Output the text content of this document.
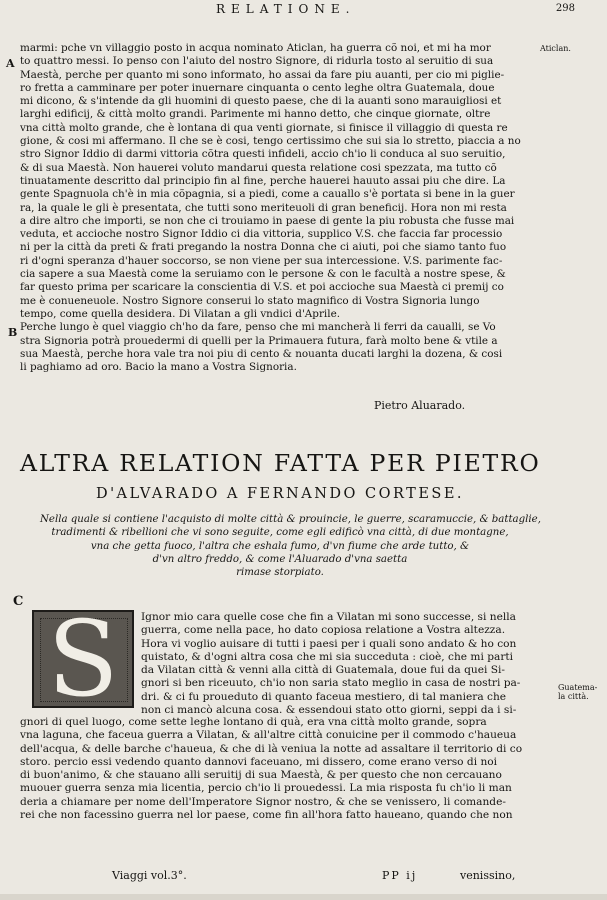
RELATIONE.	298
A
Aticlan.
marmi: pche vn villaggio posto in acqua nominato Aticlan, ha guerra cõ noi, et mi ha mor
to quattro messi. Io penso con l'aiuto del nostro Signore, di ridurla tosto al seruitio di sua
Maestà, perche per quanto mi sono informato, ho assai da fare piu auanti, per cio mi piglie-
ro fretta a camminare per poter inuernare cinquanta o cento leghe oltra Guatemala, doue
mi dicono, & s'intende da gli huomini di questo paese, che di la auanti sono marauigliosi et
larghi edificij, & città molto grandi. Parimente mi hanno detto, che cinque giornate, oltre
vna città molto grande, che è lontana di qua venti giornate, si finisce il villaggio di questa re
gione, & cosi mi affermano. Il che se è cosi, tengo certissimo che sui sia lo stretto, piaccia a no
stro Signor Iddio di darmi vittoria cõtra questi infideli, accio ch'io li conduca al suo seruitio,
& di sua Maestà. Non hauerei voluto mandarui questa relatione cosi spezzata, ma tutto cõ
tinuatamente descritto dal principio fin al fine, perche hauerei hauuto assai piu che dire. La
gente Spagnuola ch'è in mia cõpagnia, si a piedi, come a cauallo s'è portata si bene in la guer
ra, la quale le gli è presentata, che tutti sono meriteuoli di gran beneficij. Hora non mi resta
a dire altro che importi, se non che ci trouiamo in paese di gente la piu robusta che fusse mai
veduta, et accioche nostro Signor Iddio ci dia vittoria, supplico V.S. che faccia far processio
ni per la città da preti & frati pregando la nostra Donna che ci aiuti, poi che siamo tanto fuo
ri d'ogni speranza d'hauer soccorso, se non viene per sua intercessione. V.S. parimente fac-
cia sapere a sua Maestà come la seruiamo con le persone & con le facultà a nostre spese, &
far questo prima per scaricare la conscientia di V.S. et poi accioche sua Maestà ci premij co
me è conueneuole. Nostro Signore conserui lo stato magnifico di Vostra Signoria lungo
tempo, come quella desidera. Di Vilatan a gli vndici d'Aprile.
Perche lungo è quel viaggio ch'ho da fare, penso che mi mancherà li ferri da caualli, se Vo
stra Signoria potrà prouedermi di quelli per la Primauera futura, farà molto bene & vtile a
sua Maestà, perche hora vale tra noi piu di cento & nouanta ducati larghi la dozena, & cosi
li paghiamo ad oro. Bacio la mano a Vostra Signoria.
B
Pietro Aluarado.
ALTRA RELATION FATTA PER PIETRO
D'ALVARADO A FERNANDO CORTESE.
Nella quale si contiene l'acquisto di molte città & prouincie, le guerre, scaramuccie, & battaglie,
tradimenti & ribellioni che vi sono seguite, come egli edificò vna città, di due montagne,
vna che getta fuoco, l'altra che eshala fumo, d'vn fiume che arde tutto, &
d'vn altro freddo, & come l'Aluarado d'vna saetta
rimase storpiato.
C S	Ignor mio cara quelle cose che fin a Vilatan mi sono successe, si nella
guerra, come nella pace, ho dato copiosa relatione a Vostra altezza.
Hora vi voglio auisare di tutti i paesi per i quali sono andato & ho con
quistato, & d'ogni altra cosa che mi sia succeduta : cioè, che mi parti
da Vilatan città & venni alla città di Guatemala, doue fui da quei Si-
gnori si ben riceuuto, ch'io non saria stato meglio in casa de nostri pa-
dri. & ci fu proueduto di quanto faceua mestiero, di tal maniera che
non ci mancò alcuna cosa. & essendoui stato otto giorni, seppi da i si-
gnori di quel luogo, come sette leghe lontano di quà, era vna città molto grande, sopra
vna laguna, che faceua guerra a Vilatan, & all'altre città conuicine per il commodo c'haueua
dell'acqua, & delle barche c'haueua, & che di là veniua la notte ad assaltare il territorio di co
storo. percio essi vedendo quanto dannovi faceuano, mi dissero, come erano verso di noi
di buon'animo, & che stauano alli seruitij di sua Maestà, & per questo che non cercauano
muouer guerra senza mia licentia, percio ch'io li prouedessi. La mia risposta fu ch'io li man
deria a chiamare per nome dell'Imperatore Signor nostro, & che se venissero, li comande-
rei che non facessino guerra nel lor paese, come fin all'hora fatto haueano, quando che non
Guatema-
la città.
Viaggi vol.3°.	PP ij	venissino,
